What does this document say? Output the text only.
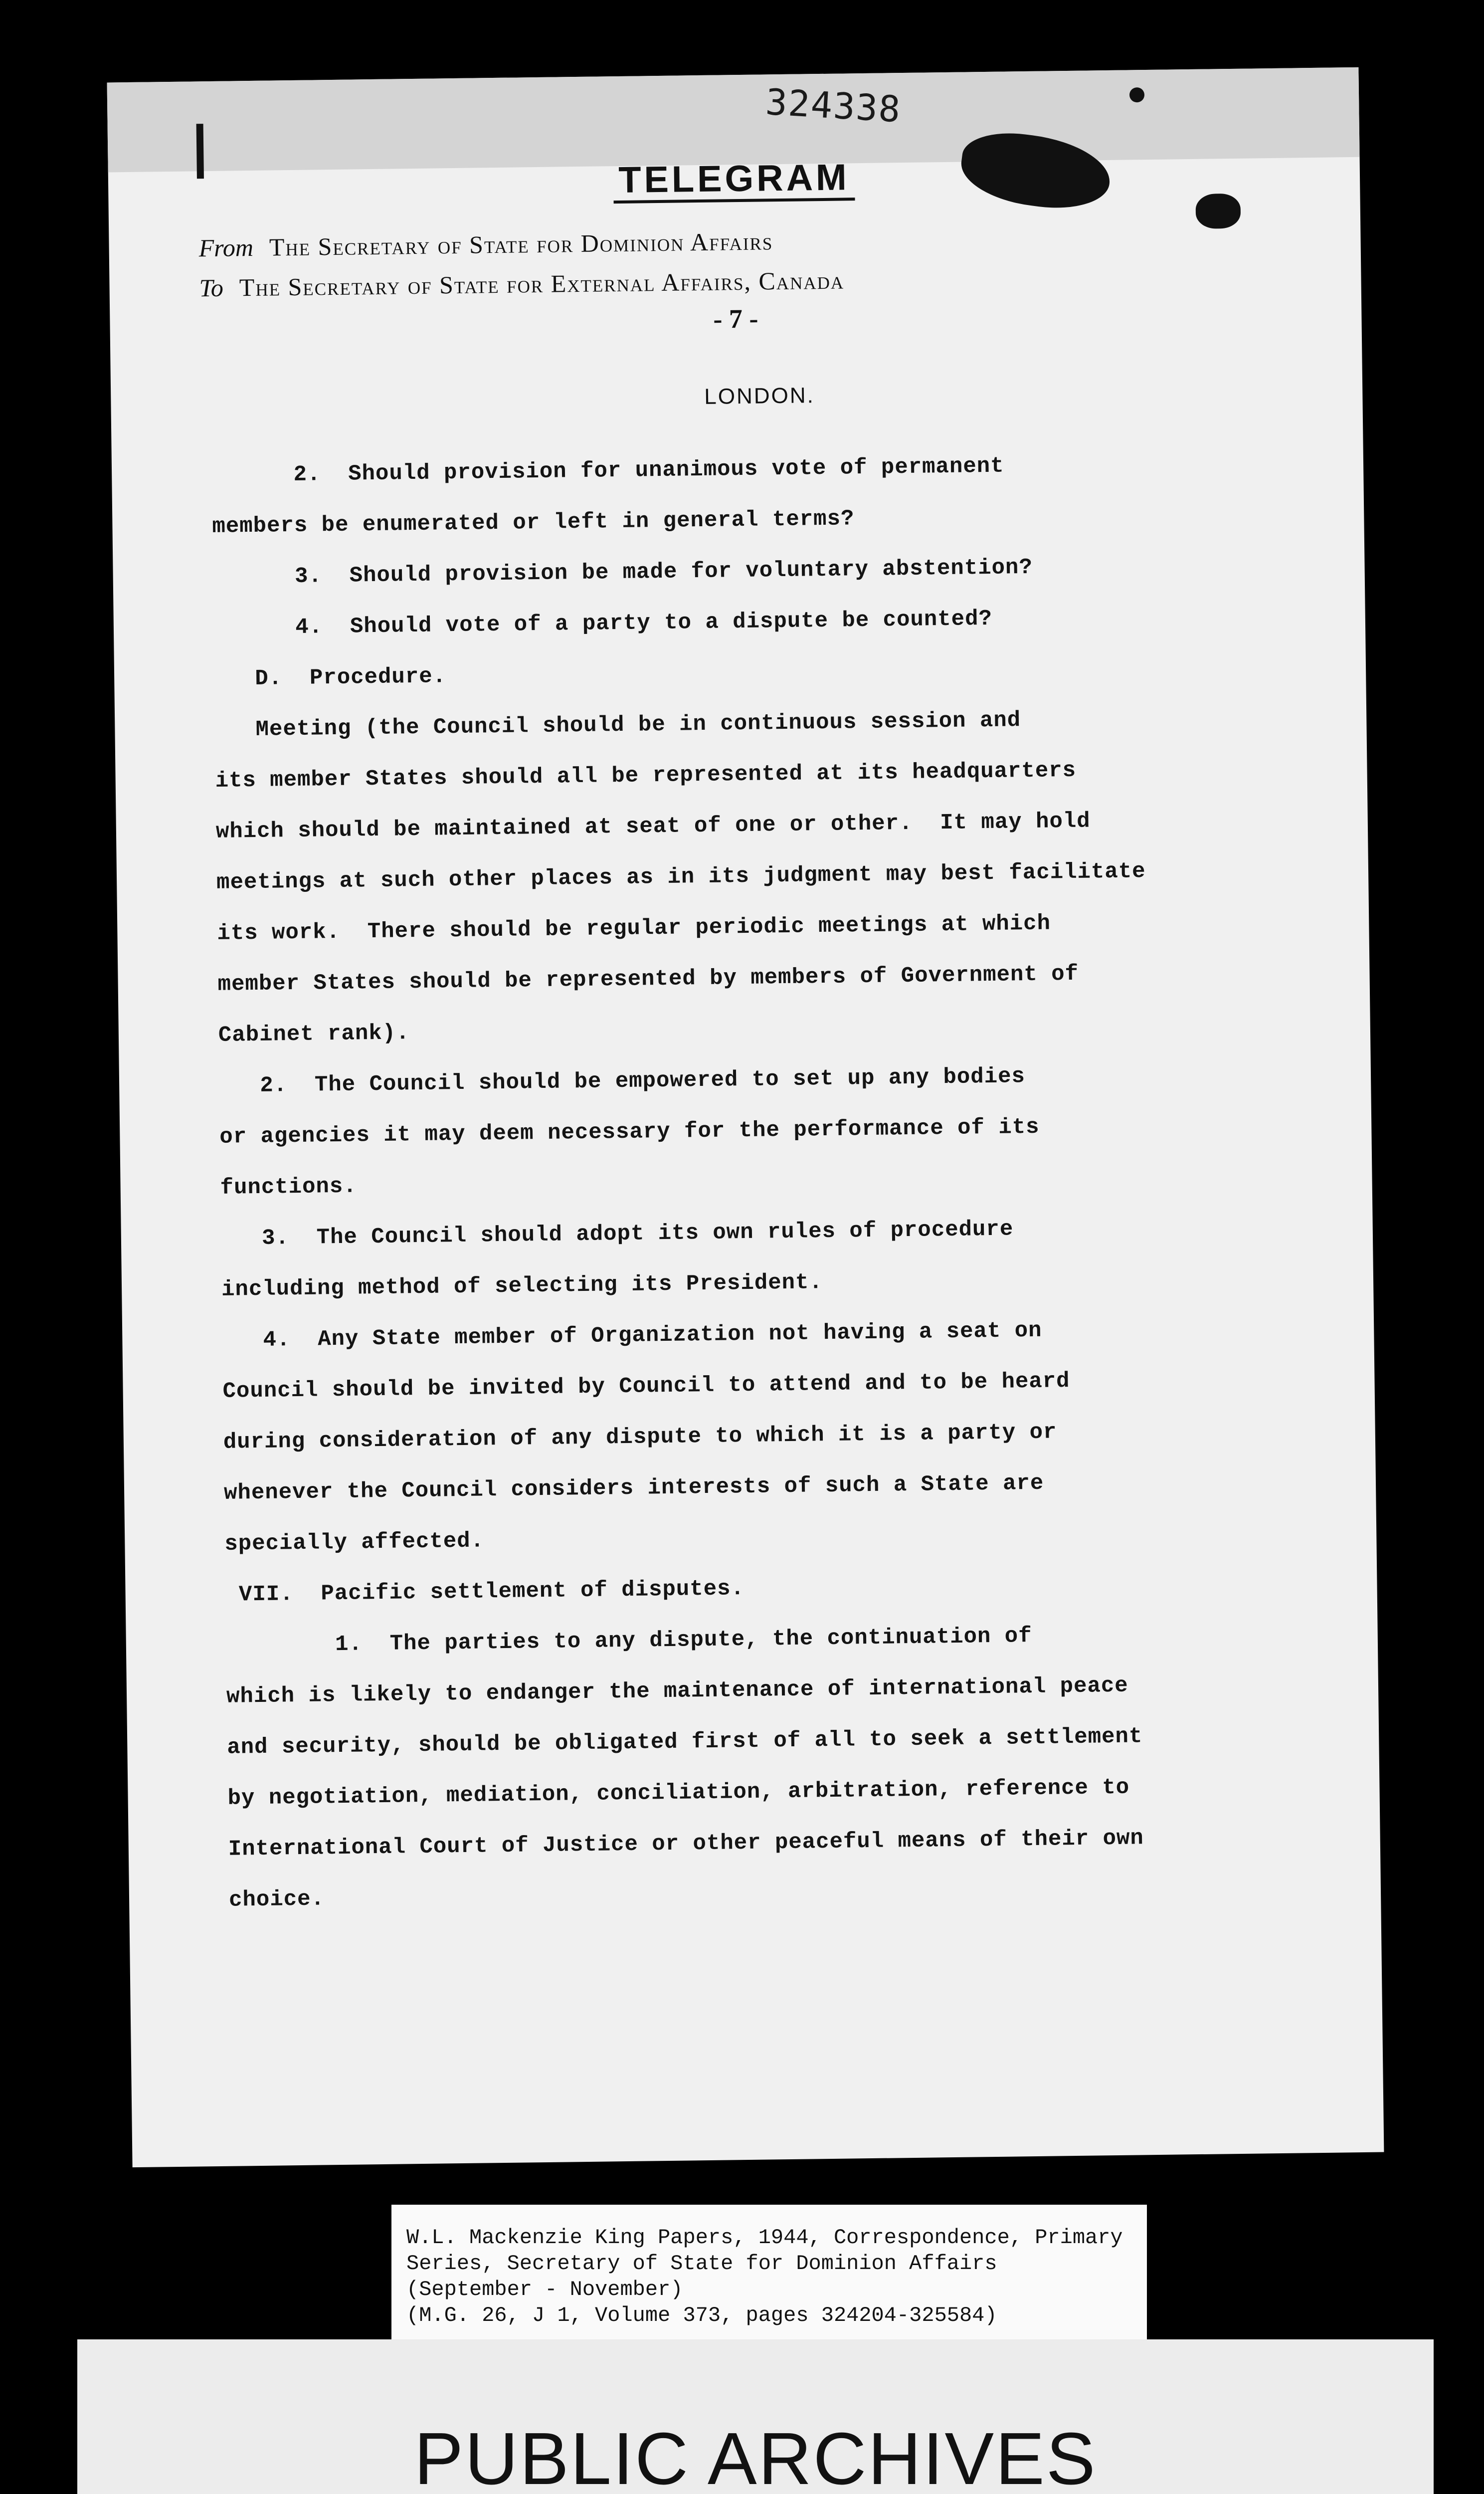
324338
TELEGRAM
From The Secretary of State for Dominion Affairs
To The Secretary of State for External Affairs, Canada
- 7 -
LONDON.
2.  Should provision for unanimous vote of permanent
members be enumerated or left in general terms?
3.  Should provision be made for voluntary abstention?
4.  Should vote of a party to a dispute be counted?
D.  Procedure.
Meeting (the Council should be in continuous session and
its member States should all be represented at its headquarters
which should be maintained at seat of one or other.  It may hold
meetings at such other places as in its judgment may best facilitate
its work.  There should be regular periodic meetings at which
member States should be represented by members of Government of
Cabinet rank).
2.  The Council should be empowered to set up any bodies
or agencies it may deem necessary for the performance of its
functions.
3.  The Council should adopt its own rules of procedure
including method of selecting its President.
4.  Any State member of Organization not having a seat on
Council should be invited by Council to attend and to be heard
during consideration of any dispute to which it is a party or
whenever the Council considers interests of such a State are
specially affected.
VII.  Pacific settlement of disputes.
1.  The parties to any dispute, the continuation of
which is likely to endanger the maintenance of international peace
and security, should be obligated first of all to seek a settlement
by negotiation, mediation, conciliation, arbitration, reference to
International Court of Justice or other peaceful means of their own
choice.
W.L. Mackenzie King Papers, 1944, Correspondence, Primary
Series, Secretary of State for Dominion Affairs
(September - November)
(M.G. 26, J 1, Volume 373, pages 324204-325584)
PUBLIC ARCHIVES
